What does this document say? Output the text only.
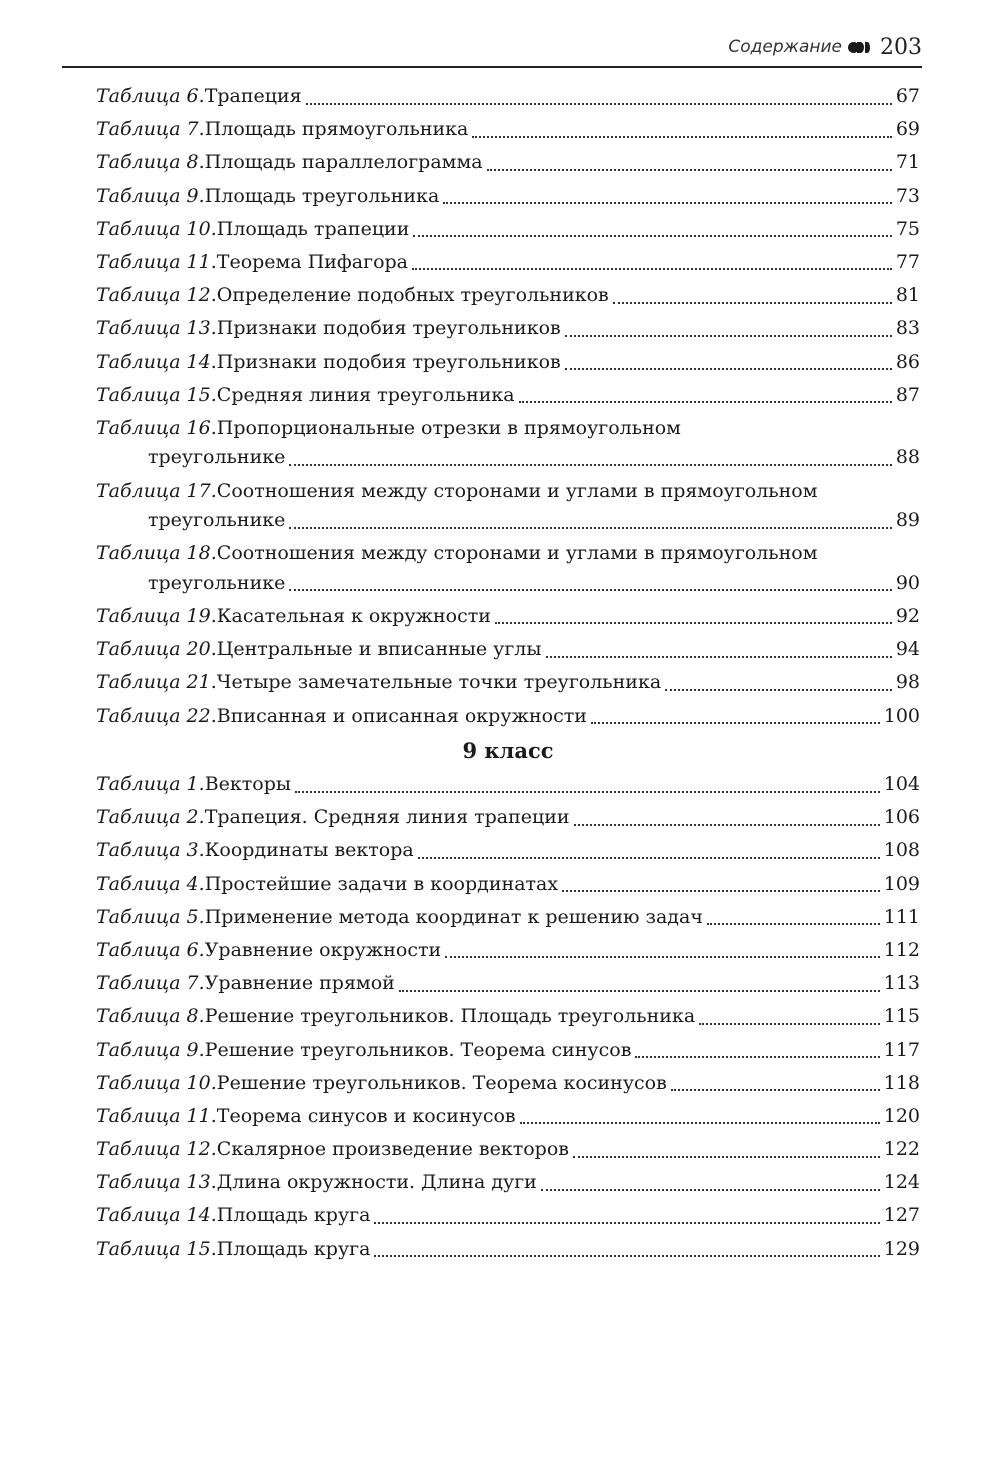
Содержание 203
Таблица 6. Трапеция	67
Таблица 7. Площадь прямоугольника	69
Таблица 8. Площадь параллелограмма	71
Таблица 9. Площадь треугольника	73
Таблица 10. Площадь трапеции	75
Таблица 11. Теорема Пифагора	77
Таблица 12. Определение подобных треугольников	81
Таблица 13. Признаки подобия треугольников	83
Таблица 14. Признаки подобия треугольников	86
Таблица 15. Средняя линия треугольника	87
Таблица 16. Пропорциональные отрезки в прямоугольном
треугольнике	88
Таблица 17. Соотношения между сторонами и углами в прямоугольном
треугольнике	89
Таблица 18. Соотношения между сторонами и углами в прямоугольном
треугольнике	90
Таблица 19. Касательная к окружности	92
Таблица 20. Центральные и вписанные углы	94
Таблица 21. Четыре замечательные точки треугольника	98
Таблица 22. Вписанная и описанная окружности	100
9 класс
Таблица 1. Векторы	104
Таблица 2. Трапеция. Средняя линия трапеции	106
Таблица 3. Координаты вектора	108
Таблица 4. Простейшие задачи в координатах	109
Таблица 5. Применение метода координат к решению задач	111
Таблица 6. Уравнение окружности	112
Таблица 7. Уравнение прямой	113
Таблица 8. Решение треугольников. Площадь треугольника	115
Таблица 9. Решение треугольников. Теорема синусов	117
Таблица 10. Решение треугольников. Теорема косинусов	118
Таблица 11. Теорема синусов и косинусов	120
Таблица 12. Скалярное произведение векторов	122
Таблица 13. Длина окружности. Длина дуги	124
Таблица 14. Площадь круга	127
Таблица 15. Площадь круга	129
